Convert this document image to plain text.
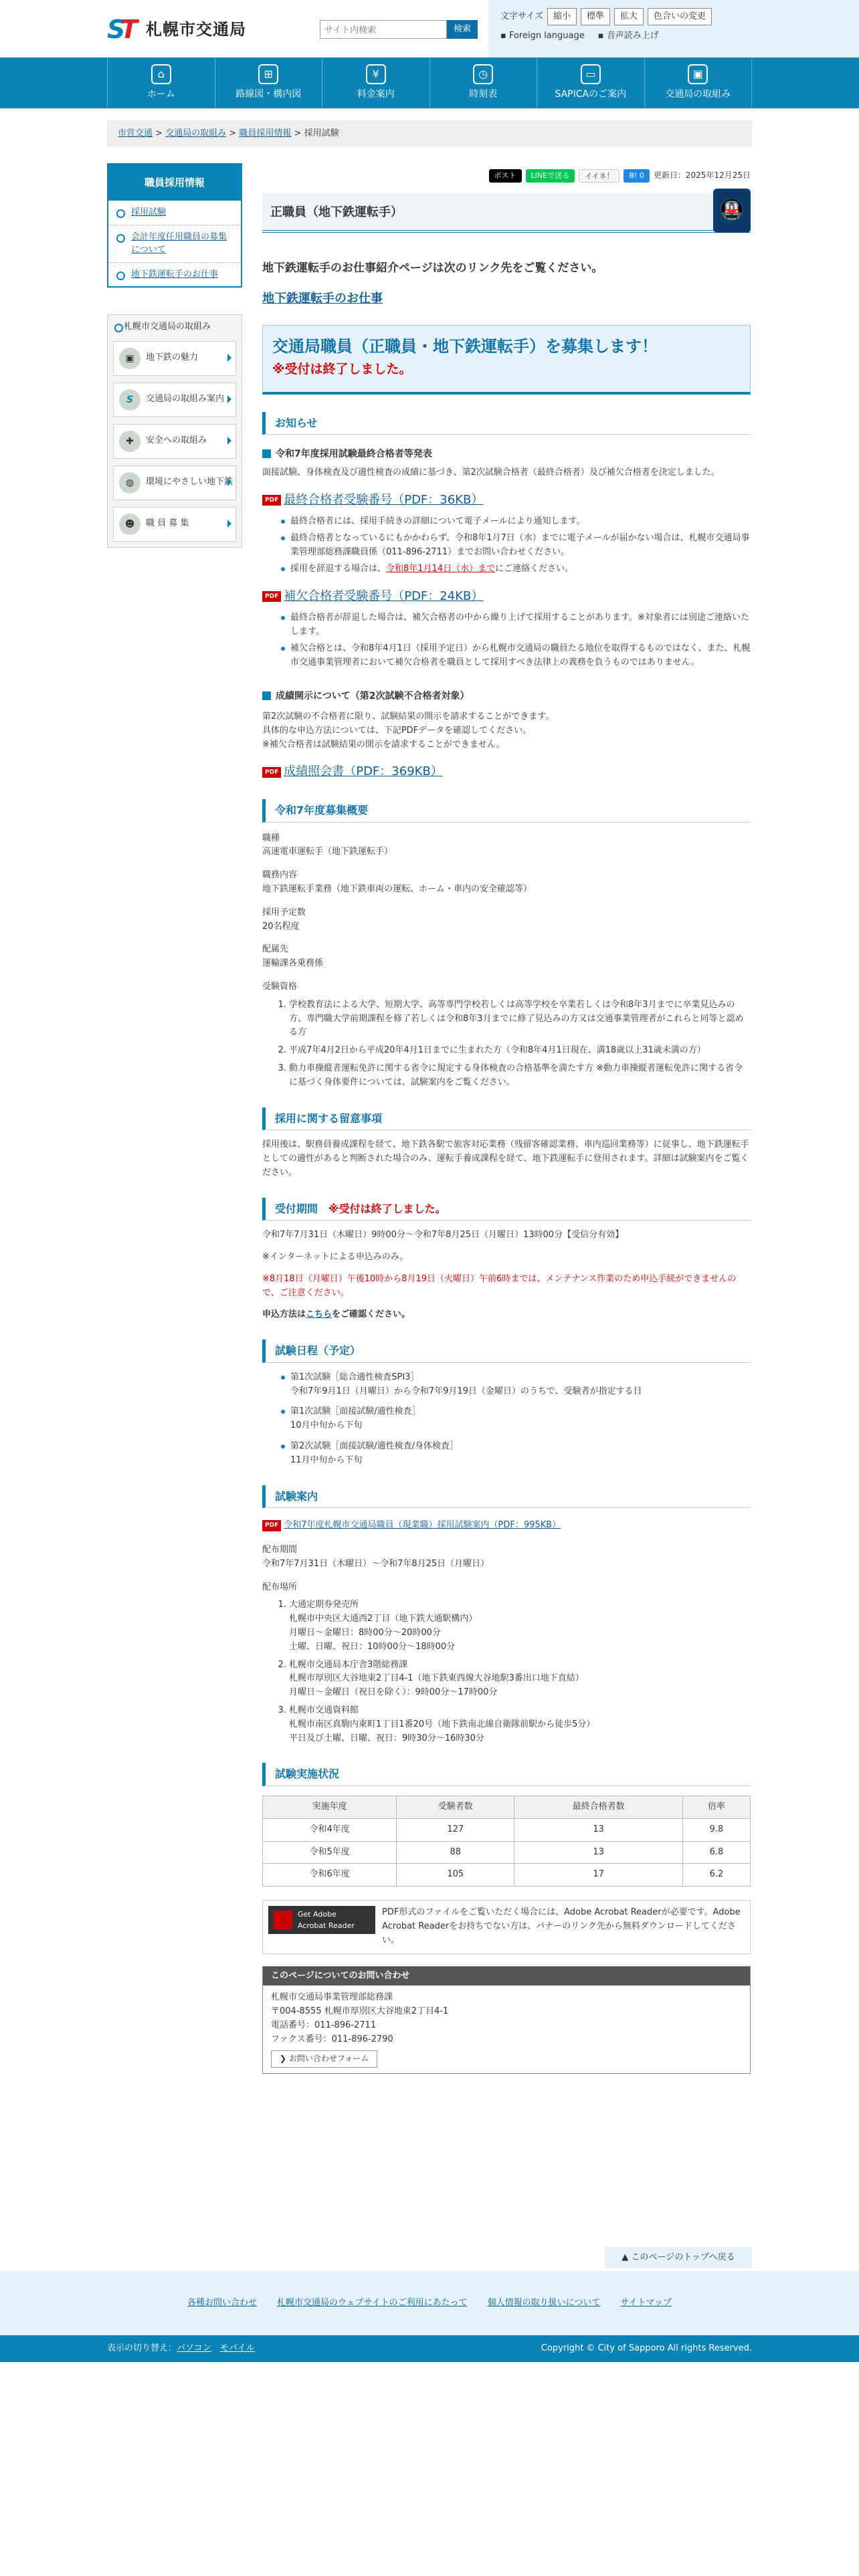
S
T 札幌市交通局
サイト内検索	検索
文字サイズ	縮小	標準	拡大	色合いの変更
▪ Foreign language ▪ 音声読み上げ
⌂
ホーム
⊞
路線図・構内図
¥
料金案内
◷
時刻表
▭
SAPICAのご案内
▣
交通局の取組み
市営交通 > 交通局の取組み > 職員採用情報 > 採用試験
職員採用情報
採用試験
会計年度任用職員の募集について
地下鉄運転手のお仕事
札幌市交通局の取組み
▣	地下鉄の魅力
S	交通局の取組み案内
✚	安全への取組み
◍	環境にやさしい地下鉄
☻	職 員 募 集
ポスト	LINEで送る	イイネ！	B! 0	更新日：2025年12月25日
正職員（地下鉄運転手）	🚇
地下鉄運転手のお仕事紹介ページは次のリンク先をご覧ください。
地下鉄運転手のお仕事
交通局職員（正職員・地下鉄運転手）を募集します！
※受付は終了しました。
お知らせ
令和7年度採用試験最終合格者等発表

面接試験、身体検査及び適性検査の成績に基づき、第2次試験合格者（最終合格者）及び補欠合格者を決定しました。

PDF 最終合格者受験番号（PDF：36KB）
最終合格者には、採用手続きの詳細について電子メールにより通知します。
最終合格者となっているにもかかわらず、令和8年1月7日（水）までに電子メールが届かない場合は、札幌市交通局事業管理部総務課職員係（011-896-2711）までお問い合わせください。
採用を辞退する場合は、令和8年1月14日（水）までにご連絡ください。
PDF 補欠合格者受験番号（PDF：24KB）
最終合格者が辞退した場合は、補欠合格者の中から繰り上げて採用することがあります。※対象者には別途ご連絡いたします。
補欠合格とは、令和8年4月1日（採用予定日）から札幌市交通局の職員たる地位を取得するものではなく、また、札幌市交通事業管理者において補欠合格者を職員として採用すべき法律上の義務を負うものではありません。
成績開示について（第2次試験不合格者対象）

第2次試験の不合格者に限り、試験結果の開示を請求することができます。

具体的な申込方法については、下記PDFデータを確認してください。

※補欠合格者は試験結果の開示を請求することができません。

PDF 成績照会書（PDF：369KB）
令和7年度募集概要

職種

高速電車運転手（地下鉄運転手）

職務内容

地下鉄運転手業務（地下鉄車両の運転、ホーム・車内の安全確認等）

採用予定数

20名程度

配属先

運輸課各乗務係

受験資格

1. 学校教育法による大学、短期大学、高等専門学校若しくは高等学校を卒業若しくは令和8年3月までに卒業見込みの方、専門職大学前期課程を修了若しくは令和8年3月までに修了見込みの方又は交通事業管理者がこれらと同等と認める方
2. 平成7年4月2日から平成20年4月1日までに生まれた方（令和8年4月1日現在、満18歳以上31歳未満の方）
3. 動力車操縦者運転免許に関する省令に規定する身体検査の合格基準を満たす方 ※動力車操縦者運転免許に関する省令に基づく身体要件については、試験案内をご覧ください。
採用に関する留意事項

採用後は、駅務員養成課程を経て、地下鉄各駅で旅客対応業務（残留客確認業務、車内巡回業務等）に従事し、地下鉄運転手としての適性があると判断された場合のみ、運転手養成課程を経て、地下鉄運転手に登用されます。詳細は試験案内をご覧ください。

受付期間　 ※受付は終了しました。

令和7年7月31日（木曜日）9時00分〜令和7年8月25日（月曜日）13時00分【受信分有効】

※インターネットによる申込みのみ。

※8月18日（月曜日）午後10時から8月19日（火曜日）午前6時までは、メンテナンス作業のため申込手続ができませんので、ご注意ください。

申込方法はこちらをご確認ください。

試験日程（予定）
第1次試験［総合適性検査SPI3］
令和7年9月1日（月曜日）から令和7年9月19日（金曜日）のうちで、受験者が指定する日
第1次試験［面接試験/適性検査］
10月中旬から下旬
第2次試験［面接試験/適性検査/身体検査］
11月中旬から下旬
試験案内
PDF 令和7年度札幌市交通局職員（現業職）採用試験案内（PDF：995KB）

配布期間

令和7年7月31日（木曜日）〜令和7年8月25日（月曜日）

配布場所

1. 大通定期券発売所
札幌市中央区大通西2丁目（地下鉄大通駅構内）
月曜日〜金曜日：8時00分〜20時00分
土曜、日曜、祝日：10時00分〜18時00分
2. 札幌市交通局本庁舎3階総務課
札幌市厚別区大谷地東2丁目4-1（地下鉄東西線大谷地駅3番出口地下直結）
月曜日〜金曜日（祝日を除く）：9時00分〜17時00分
3. 札幌市交通資料館
札幌市南区真駒内東町1丁目1番20号（地下鉄南北線自衛隊前駅から徒歩5分）
平日及び土曜、日曜、祝日：9時30分〜16時30分
試験実施状況
実施年度	受験者数	最終合格者数	倍率
令和4年度	127	13	9.8
令和5年度	88	13	6.8
令和6年度	105	17	6.2
Get Adobe
Acrobat Reader
PDF形式のファイルをご覧いただく場合には、Adobe Acrobat Readerが必要です。Adobe Acrobat Readerをお持ちでない方は、バナーのリンク先から無料ダウンロードしてください。
このページについてのお問い合わせ
札幌市交通局事業管理部総務課
〒004-8555 札幌市厚別区大谷地東2丁目4-1
電話番号：011-896-2711
ファクス番号：011-896-2790
❯ お問い合わせフォーム
▲ このページのトップへ戻る
各種お問い合わせ 札幌市交通局のウェブサイトのご利用にあたって 個人情報の取り扱いについて サイトマップ
表示の切り替え：パソコン　 モバイル	Copyright © City of Sapporo All rights Reserved.
